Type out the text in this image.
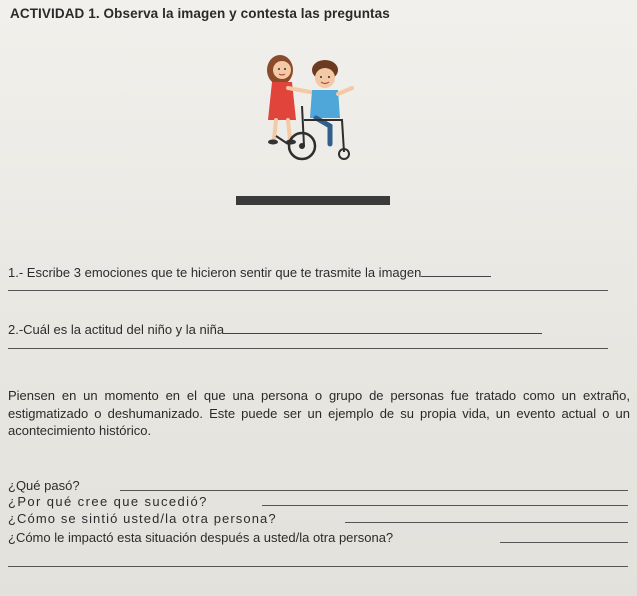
ACTIVIDAD 1. Observa la imagen y contesta las preguntas
1.- Escribe 3 emociones que te hicieron sentir que te trasmite la imagen
2.-Cuál es la actitud del niño y la niña
Piensen en un momento en el que una persona o grupo de personas fue tratado como un extraño, estigmatizado o deshumanizado. Este puede ser un ejemplo de su propia vida, un evento actual o un acontecimiento histórico.
¿Qué pasó?
¿Por qué cree que sucedió?
¿Cómo se sintió usted/la otra persona?
¿Cómo le impactó esta situación después a usted/la otra persona?
